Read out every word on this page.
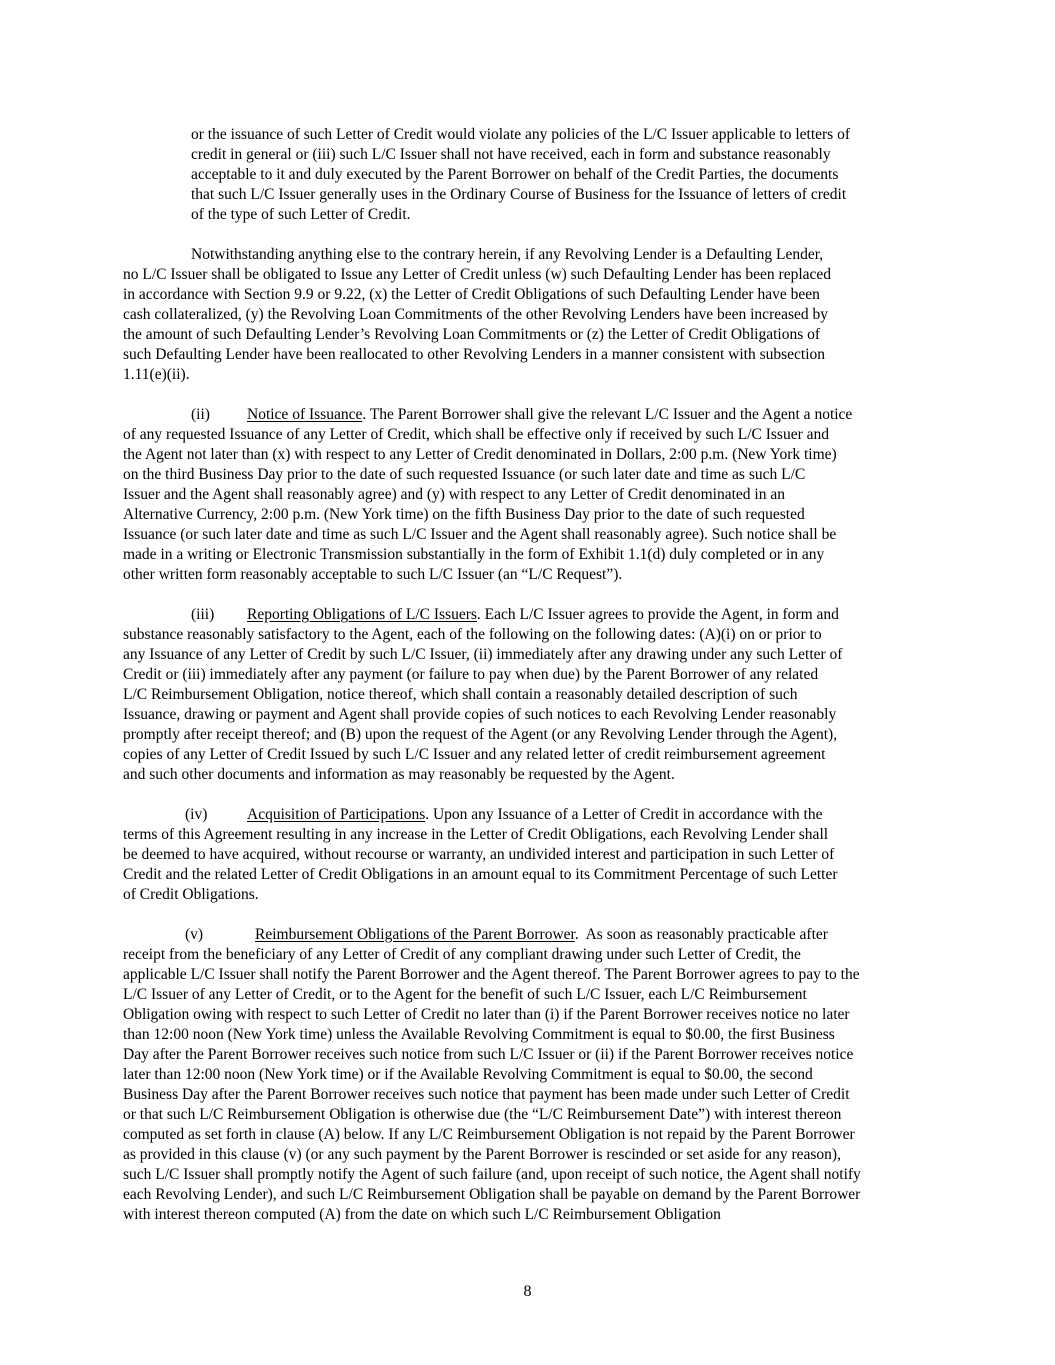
or the issuance of such Letter of Credit would violate any policies of the L/C Issuer applicable to letters of
credit in general or (iii) such L/C Issuer shall not have received, each in form and substance reasonably
acceptable to it and duly executed by the Parent Borrower on behalf of the Credit Parties, the documents
that such L/C Issuer generally uses in the Ordinary Course of Business for the Issuance of letters of credit
of the type of such Letter of Credit.
Notwithstanding anything else to the contrary herein, if any Revolving Lender is a Defaulting Lender,
no L/C Issuer shall be obligated to Issue any Letter of Credit unless (w) such Defaulting Lender has been replaced
in accordance with Section 9.9 or 9.22, (x) the Letter of Credit Obligations of such Defaulting Lender have been
cash collateralized, (y) the Revolving Loan Commitments of the other Revolving Lenders have been increased by
the amount of such Defaulting Lender’s Revolving Loan Commitments or (z) the Letter of Credit Obligations of
such Defaulting Lender have been reallocated to other Revolving Lenders in a manner consistent with subsection
1.11(e)(ii).
(ii) Notice of Issuance. The Parent Borrower shall give the relevant L/C Issuer and the Agent a notice
of any requested Issuance of any Letter of Credit, which shall be effective only if received by such L/C Issuer and
the Agent not later than (x) with respect to any Letter of Credit denominated in Dollars, 2:00 p.m. (New York time)
on the third Business Day prior to the date of such requested Issuance (or such later date and time as such L/C
Issuer and the Agent shall reasonably agree) and (y) with respect to any Letter of Credit denominated in an
Alternative Currency, 2:00 p.m. (New York time) on the fifth Business Day prior to the date of such requested
Issuance (or such later date and time as such L/C Issuer and the Agent shall reasonably agree). Such notice shall be
made in a writing or Electronic Transmission substantially in the form of Exhibit 1.1(d) duly completed or in any
other written form reasonably acceptable to such L/C Issuer (an “L/C Request”).
(iii) Reporting Obligations of L/C Issuers. Each L/C Issuer agrees to provide the Agent, in form and
substance reasonably satisfactory to the Agent, each of the following on the following dates: (A)(i) on or prior to
any Issuance of any Letter of Credit by such L/C Issuer, (ii) immediately after any drawing under any such Letter of
Credit or (iii) immediately after any payment (or failure to pay when due) by the Parent Borrower of any related
L/C Reimbursement Obligation, notice thereof, which shall contain a reasonably detailed description of such
Issuance, drawing or payment and Agent shall provide copies of such notices to each Revolving Lender reasonably
promptly after receipt thereof; and (B) upon the request of the Agent (or any Revolving Lender through the Agent),
copies of any Letter of Credit Issued by such L/C Issuer and any related letter of credit reimbursement agreement
and such other documents and information as may reasonably be requested by the Agent.
(iv)	Acquisition of Participations. Upon any Issuance of a Letter of Credit in accordance with the
terms of this Agreement resulting in any increase in the Letter of Credit Obligations, each Revolving Lender shall
be deemed to have acquired, without recourse or warranty, an undivided interest and participation in such Letter of
Credit and the related Letter of Credit Obligations in an amount equal to its Commitment Percentage of such Letter
of Credit Obligations.
(v)	Reimbursement Obligations of the Parent Borrower.  As soon as reasonably practicable after
receipt from the beneficiary of any Letter of Credit of any compliant drawing under such Letter of Credit, the
applicable L/C Issuer shall notify the Parent Borrower and the Agent thereof. The Parent Borrower agrees to pay to the
L/C Issuer of any Letter of Credit, or to the Agent for the benefit of such L/C Issuer, each L/C Reimbursement
Obligation owing with respect to such Letter of Credit no later than (i) if the Parent Borrower receives notice no later
than 12:00 noon (New York time) unless the Available Revolving Commitment is equal to $0.00, the first Business
Day after the Parent Borrower receives such notice from such L/C Issuer or (ii) if the Parent Borrower receives notice
later than 12:00 noon (New York time) or if the Available Revolving Commitment is equal to $0.00, the second
Business Day after the Parent Borrower receives such notice that payment has been made under such Letter of Credit
or that such L/C Reimbursement Obligation is otherwise due (the “L/C Reimbursement Date”) with interest thereon
computed as set forth in clause (A) below. If any L/C Reimbursement Obligation is not repaid by the Parent Borrower
as provided in this clause (v) (or any such payment by the Parent Borrower is rescinded or set aside for any reason),
such L/C Issuer shall promptly notify the Agent of such failure (and, upon receipt of such notice, the Agent shall notify
each Revolving Lender), and such L/C Reimbursement Obligation shall be payable on demand by the Parent Borrower
with interest thereon computed (A) from the date on which such L/C Reimbursement Obligation
8
